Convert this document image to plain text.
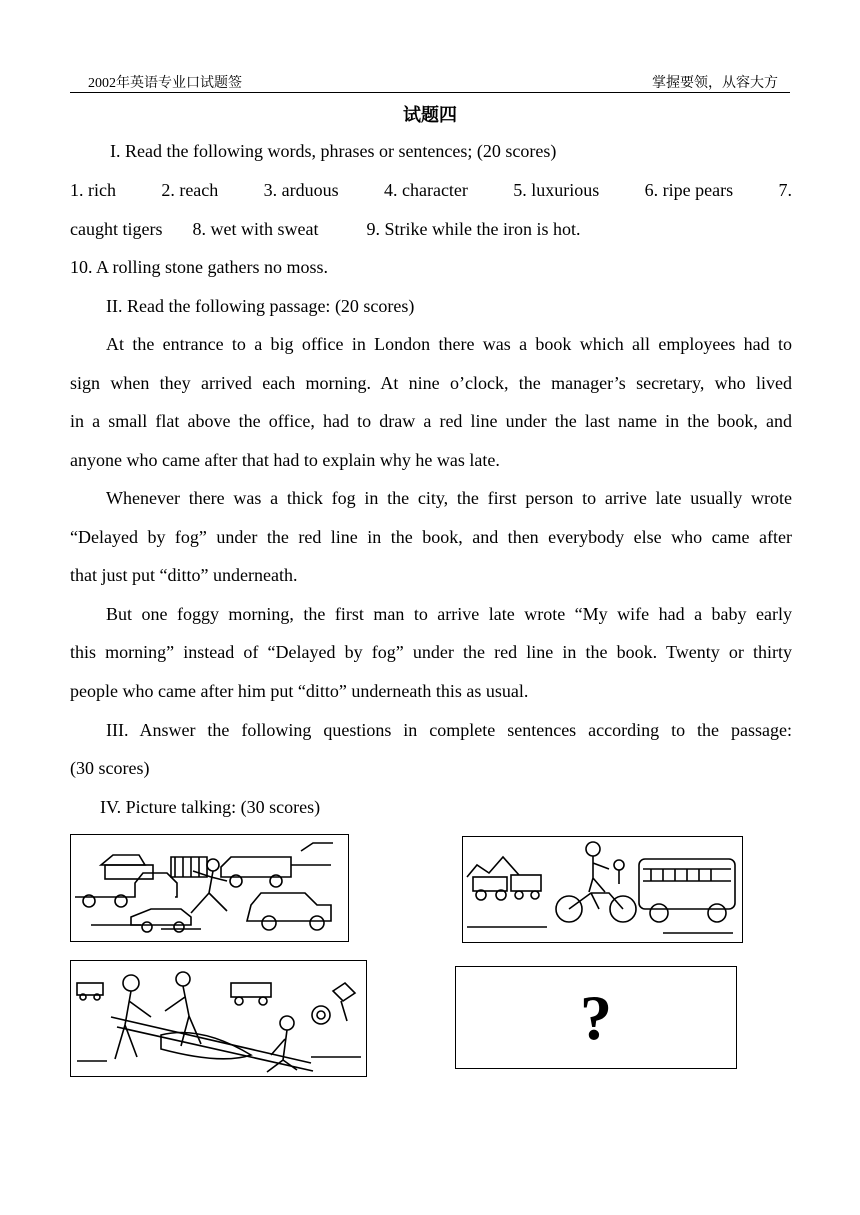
2002年英语专业口试题签	掌握要领，从容大方
试题四
I. Read the following words, phrases or sentences; (20 scores)
1. rich	2. reach	3. arduous	4. character	5. luxurious	6. ripe pears	7.
caught tigers 8. wet with sweat	9. Strike while the iron is hot.
10. A rolling stone gathers no moss.
II. Read the following passage: (20 scores)
At the entrance to a big office in London there was a book which all employees had to
sign when they arrived each morning. At nine o’clock, the manager’s secretary, who lived
in a small flat above the office, had to draw a red line under the last name in the book, and
anyone who came after that had to explain why he was late.
Whenever there was a thick fog in the city, the first person to arrive late usually wrote
“Delayed by fog” under the red line in the book, and then everybody else who came after
that just put “ditto” underneath.
But one foggy morning, the first man to arrive late wrote “My wife had a baby early
this morning” instead of “Delayed by fog” under the red line in the book. Twenty or thirty
people who came after him put “ditto” underneath this as usual.
III. Answer the following questions in complete sentences according to the passage:
(30 scores)
IV. Picture talking: (30 scores)
?
